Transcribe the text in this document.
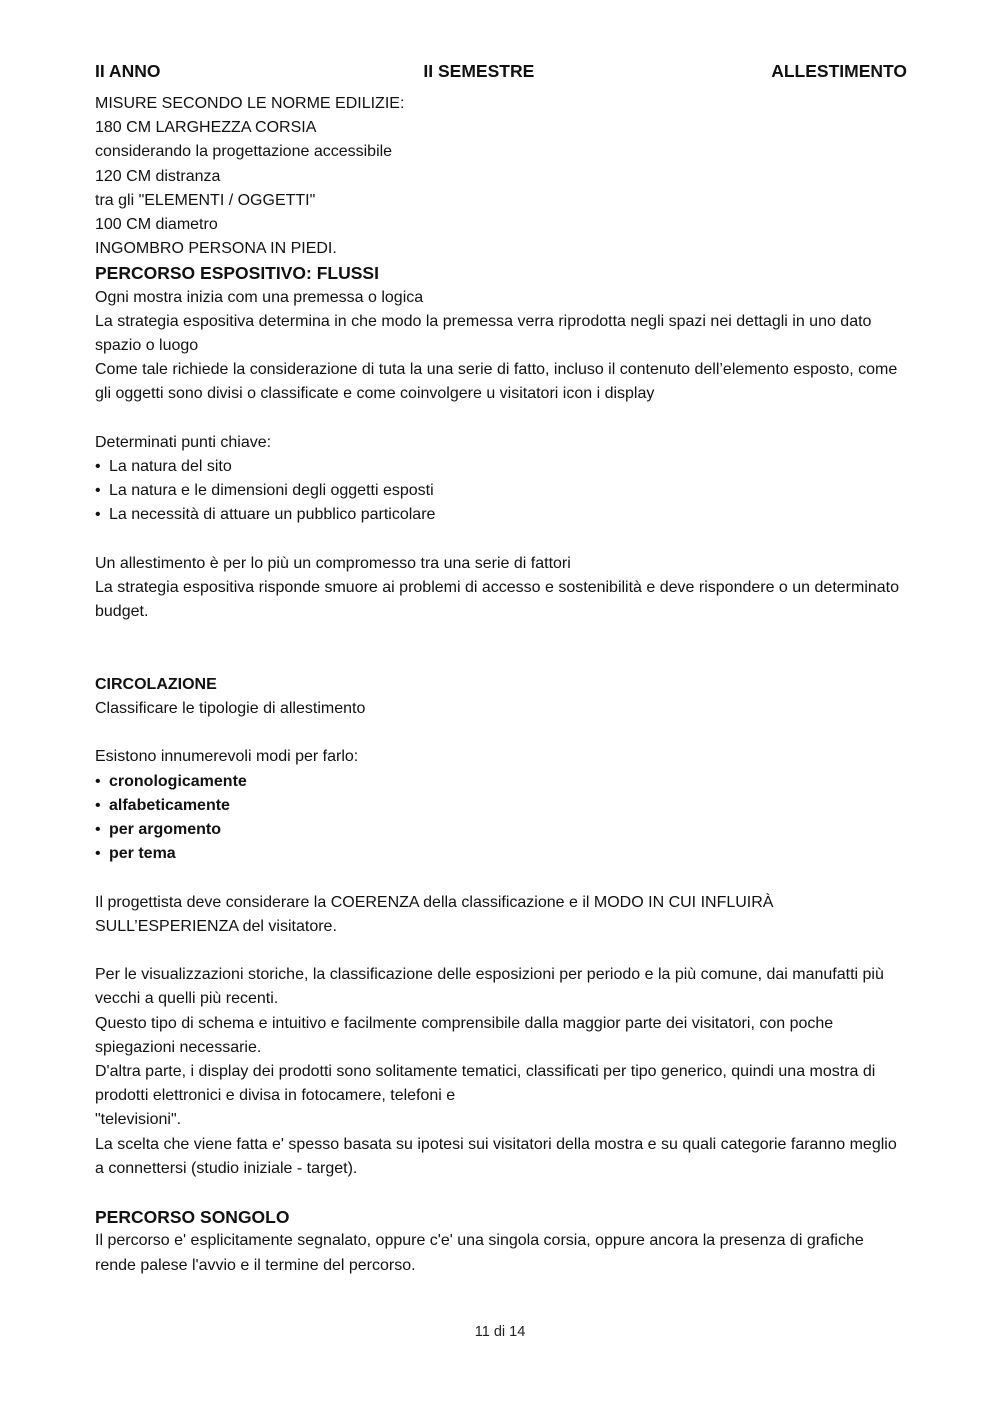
II ANNO	II SEMESTRE	ALLESTIMENTO
MISURE SECONDO LE NORME EDILIZIE:
180 CM LARGHEZZA CORSIA
considerando la progettazione accessibile
120 CM distranza
tra gli "ELEMENTI / OGGETTI"
100 CM diametro
INGOMBRO PERSONA IN PIEDI.
PERCORSO ESPOSITIVO: FLUSSI
Ogni mostra inizia com una premessa o logica
La strategia espositiva determina in che modo la premessa verra riprodotta negli spazi nei dettagli in uno dato spazio o luogo
Come tale richiede la considerazione di tuta la una serie di fatto, incluso il contenuto dell’elemento esposto, come gli oggetti sono divisi o classificate e come coinvolgere u visitatori icon i display
Determinati punti chiave:
• La natura del sito
• La natura e le dimensioni degli oggetti esposti
• La necessità di attuare un pubblico particolare
Un allestimento è per lo più un compromesso tra una serie di fattori
La strategia espositiva risponde smuore ai problemi di accesso e sostenibilità e deve rispondere o un determinato budget.
CIRCOLAZIONE
Classificare le tipologie di allestimento
Esistono innumerevoli modi per farlo:
• cronologicamente
• alfabeticamente
• per argomento
• per tema
Il progettista deve considerare la COERENZA della classificazione e il MODO IN CUI INFLUIRÀ SULL’ESPERIENZA del visitatore.
Per le visualizzazioni storiche, la classificazione delle esposizioni per periodo e la più comune, dai manufatti più vecchi a quelli più recenti.
Questo tipo di schema e intuitivo e facilmente comprensibile dalla maggior parte dei visitatori, con poche spiegazioni necessarie.
D'altra parte, i display dei prodotti sono solitamente tematici, classificati per tipo generico, quindi una mostra di prodotti elettronici e divisa in fotocamere, telefoni e
"televisioni".
La scelta che viene fatta e' spesso basata su ipotesi sui visitatori della mostra e su quali categorie faranno meglio a connettersi (studio iniziale - target).
PERCORSO SONGOLO
Il percorso e' esplicitamente segnalato, oppure c'e' una singola corsia, oppure ancora la presenza di grafiche rende palese l'avvio e il termine del percorso.
11 di 14
